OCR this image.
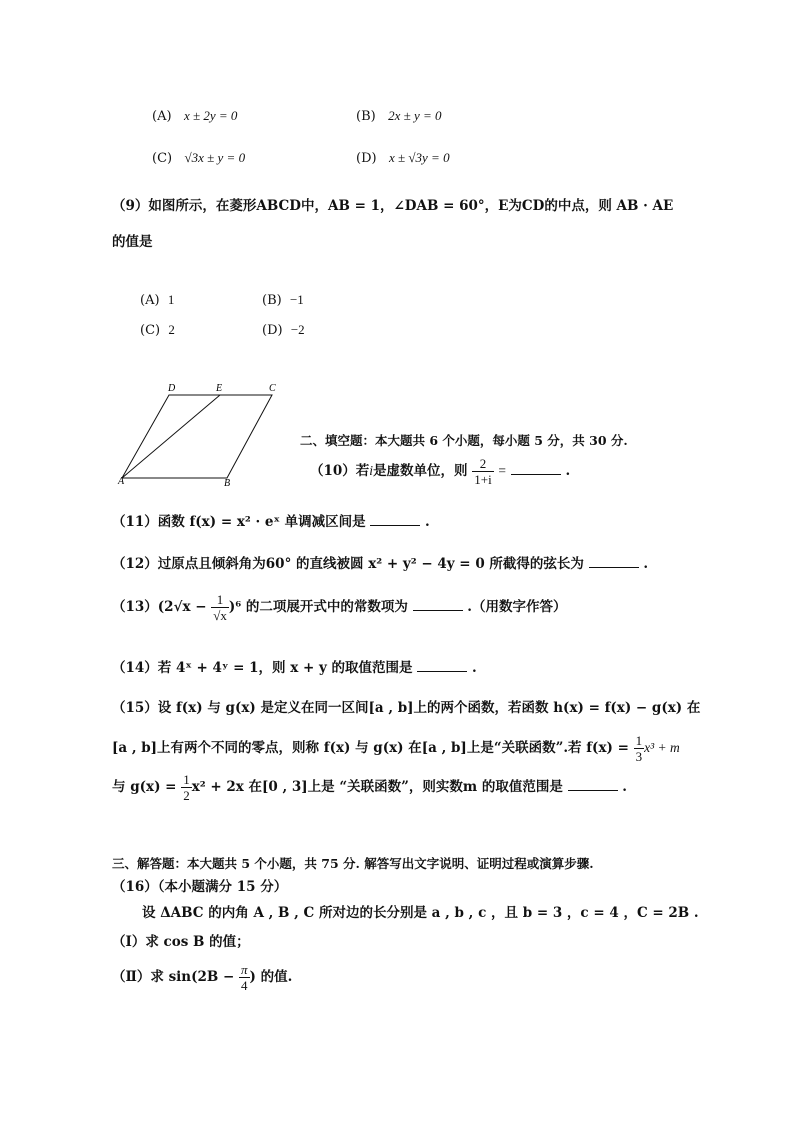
(A) x ± 2y = 0	(B) 2x ± y = 0
(C) √3x ± y = 0	(D) x ± √3y = 0
（9）如图所示，在菱形ABCD中，AB = 1，∠DAB = 60°，E为CD的中点，则 AB · AE
的值是
(A) 1	(B) −1
(C) 2	(D) −2
D	E	C
A	B
二、填空题：本大题共 6 个小题，每小题 5 分，共 30 分.
（10）若i是虚数单位，则 $\frac{2}{1+i}$ =	.
（11）函数 f(x) = x² · eˣ 单调减区间是	.
（12）过原点且倾斜角为60° 的直线被圆 x² + y² − 4y = 0 所截得的弦长为	.
$(13)(2√x - \frac{1}{√x} )^6$ 的二项展开式中的常数项为	.（用数字作答）
（14）若 4ˣ + 4ʸ = 1，则 x + y 的取值范围是	.
（15）设 f(x) 与 g(x) 是定义在同一区间[a , b]上的两个函数，若函数 h(x) = f(x) − g(x) 在
[a , b]上有两个不同的零点，则称 f(x) 与 g(x) 在[a , b]上是“关联函数”.若 $f(x) = \frac{1}{3} x^3 + m$
与 $g(x) = \frac{1}{2} x^2 + 2x$ 在[0 , 3]上是 “关联函数”，则实数m 的取值范围是	.
三、解答题：本大题共 5 个小题，共 75 分. 解答写出文字说明、证明过程或演算步骤.
（16）（本小题满分 15 分）
设 ΔABC 的内角 A , B , C 所对边的长分别是 a , b , c ，且 b = 3 ，c = 4 ，C = 2B .
（Ⅰ）求 cos B 的值；
（Ⅱ）求 $\sin(2B - \frac{\pi}{4}$ ) 的值.
